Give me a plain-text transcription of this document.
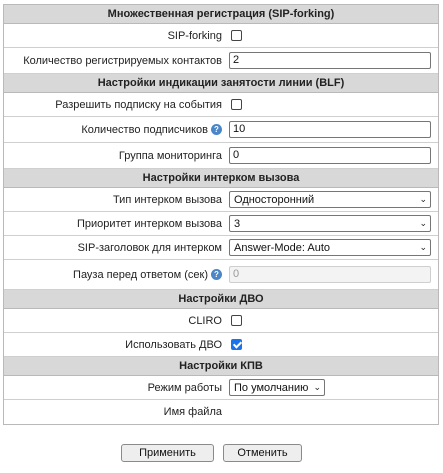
Множественная регистрация (SIP-forking)
SIP-forking
Количество регистрируемых контактов	2
Настройки индикации занятости линии (BLF)
Разрешить подписку на события
Количество подписчиков ?	10
Группа мониторинга	0
Настройки интерком вызова
Тип интерком вызова	Односторонний	⌄
Приоритет интерком вызова	3	⌄
SIP-заголовок для интерком	Answer-Mode: Auto	⌄
Пауза перед ответом (сек) ?	0
Настройки ДВО
CLIRO
Использовать ДВО
Настройки КПВ
Режим работы	По умолчанию ⌄
Имя файла
Применить	Отменить
